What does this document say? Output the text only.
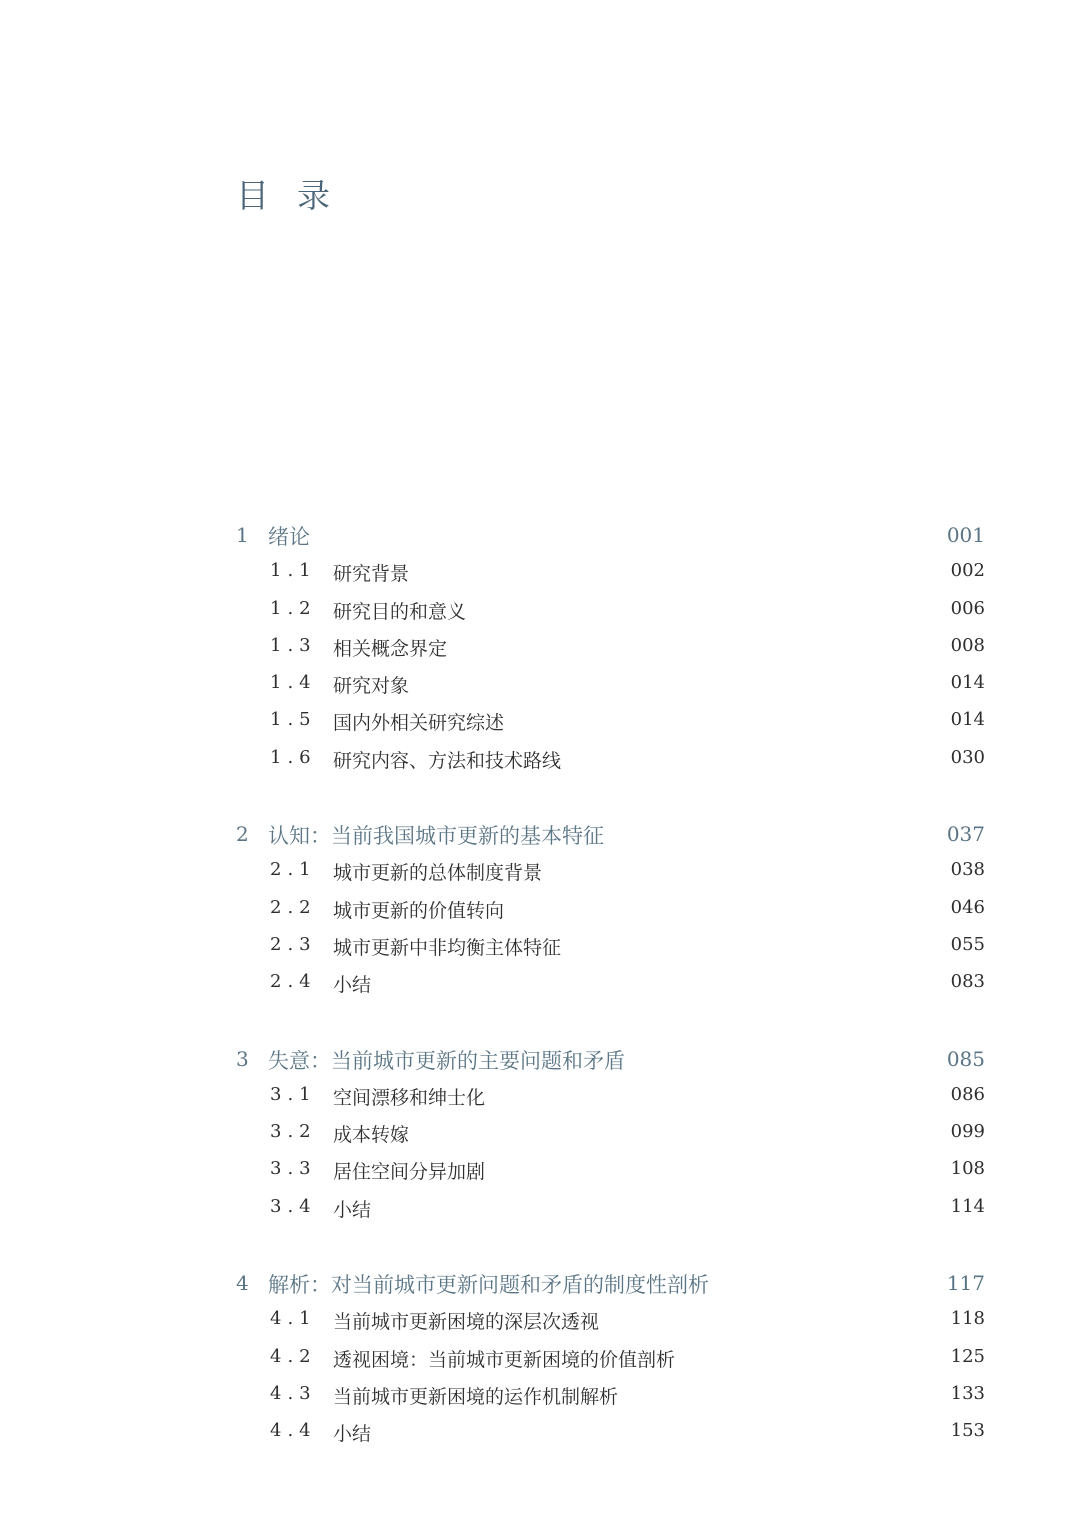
目 录
1 绪论	001
1.1 研究背景	002
1.2 研究目的和意义	006
1.3 相关概念界定	008
1.4 研究对象	014
1.5 国内外相关研究综述	014
1.6 研究内容、方法和技术路线	030
2 认知：当前我国城市更新的基本特征	037
2.1 城市更新的总体制度背景	038
2.2 城市更新的价值转向	046
2.3 城市更新中非均衡主体特征	055
2.4 小结	083
3 失意：当前城市更新的主要问题和矛盾	085
3.1 空间漂移和绅士化	086
3.2 成本转嫁	099
3.3 居住空间分异加剧	108
3.4 小结	114
4 解析：对当前城市更新问题和矛盾的制度性剖析	117
4.1 当前城市更新困境的深层次透视	118
4.2 透视困境：当前城市更新困境的价值剖析	125
4.3 当前城市更新困境的运作机制解析	133
4.4 小结	153
